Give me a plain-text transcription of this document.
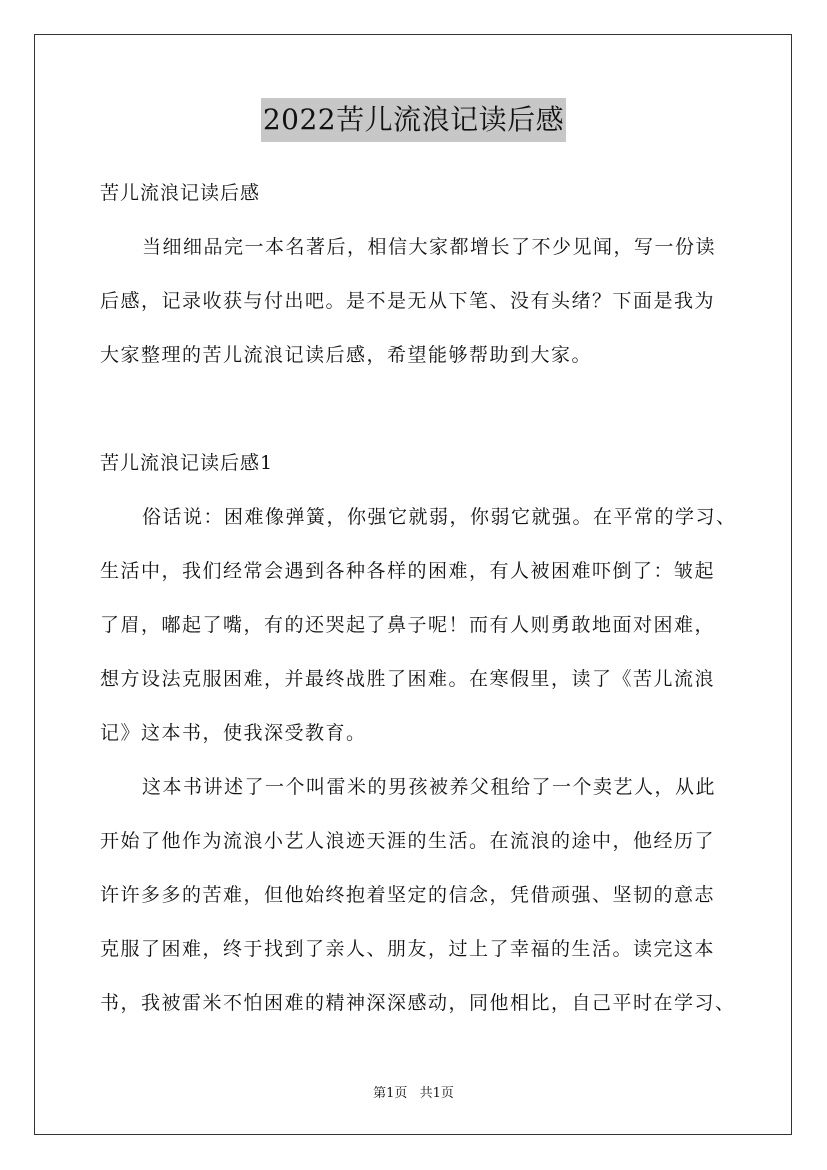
2022苦儿流浪记读后感
苦儿流浪记读后感
当细细品完一本名著后，相信大家都增长了不少见闻，写一份读
后感，记录收获与付出吧。是不是无从下笔、没有头绪？下面是我为
大家整理的苦儿流浪记读后感，希望能够帮助到大家。
苦儿流浪记读后感1
俗话说：困难像弹簧，你强它就弱，你弱它就强。在平常的学习、
生活中，我们经常会遇到各种各样的困难，有人被困难吓倒了：皱起
了眉，嘟起了嘴，有的还哭起了鼻子呢！而有人则勇敢地面对困难，
想方设法克服困难，并最终战胜了困难。在寒假里，读了《苦儿流浪
记》这本书，使我深受教育。
这本书讲述了一个叫雷米的男孩被养父租给了一个卖艺人，从此
开始了他作为流浪小艺人浪迹天涯的生活。在流浪的途中，他经历了
许许多多的苦难，但他始终抱着坚定的信念，凭借顽强、坚韧的意志
克服了困难，终于找到了亲人、朋友，过上了幸福的生活。读完这本
书，我被雷米不怕困难的精神深深感动，同他相比，自己平时在学习、
第1页 共1页
